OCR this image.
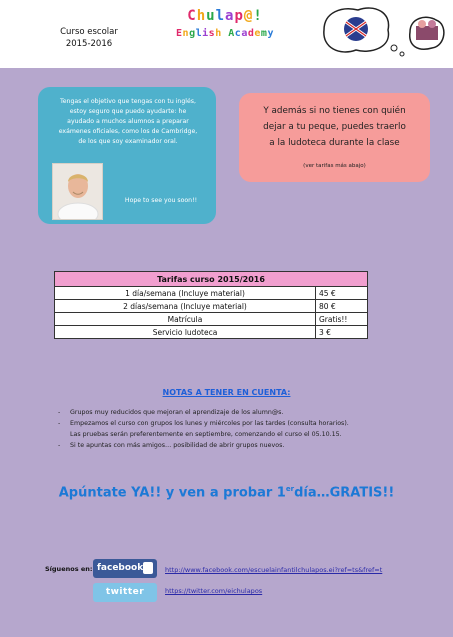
Curso escolar
2015-2016
Chulap@!
English Academy
Tengas el objetivo que tengas con tu inglés,
estoy seguro que puedo ayudarte: he
ayudado a muchos alumnos a preparar
exámenes oficiales, como los de Cambridge,
de los que soy examinador oral.
Hope to see you soon!!
Y además si no tienes con quién
dejar a tu peque, puedes traerlo
a la ludoteca durante la clase
(ver tarifas más abajo)
Tarifas curso 2015/2016	
1 día/semana (Incluye material)	45 €
2 días/semana (Incluye material)	80 €
Matrícula	Gratis!!
Servicio ludoteca	3 €
NOTAS A TENER EN CUENTA:
- Grupos muy reducidos que mejoran el aprendizaje de los alumn@s.
- Empezamos el curso con grupos los lunes y miércoles por las tardes (consulta horarios).
Las pruebas serán preferentemente en septiembre, comenzando el curso el 05.10.15.
- Si te apuntas con más amigos… posibilidad de abrir grupos nuevos.
Apúntate YA!! y ven a probar 1erdía…GRATIS!!
Síguenos en: facebook
twitter
http://www.facebook.com/escuelainfantilchulapos.ei?ref=ts&fref=t
https://twitter.com/eichulapos
